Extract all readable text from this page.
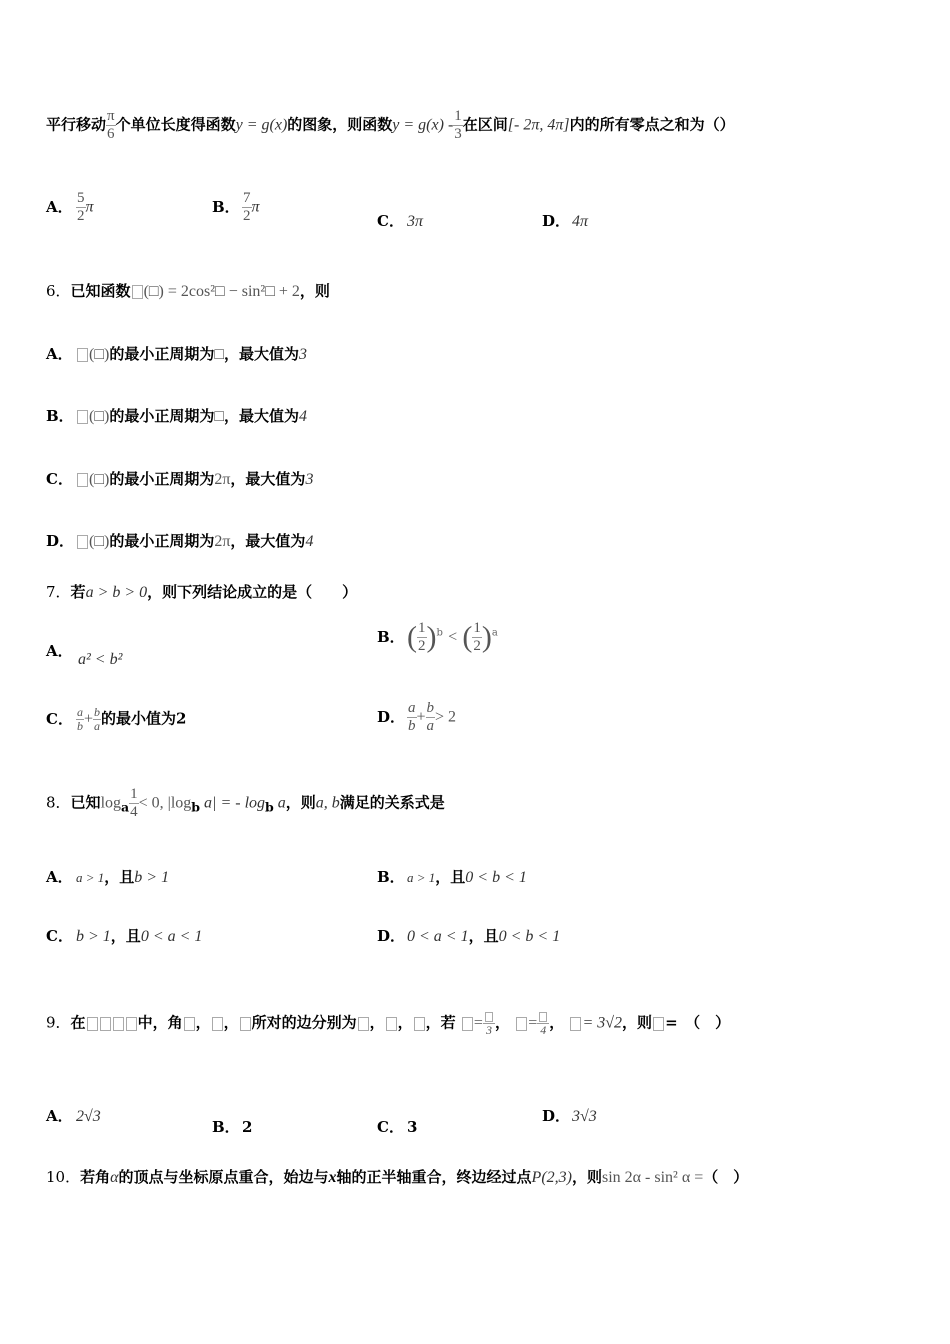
平行移动 $\frac{\pi}{6}$ 个单位长度得函数y = g(x)的图象，则函数$y = g(x) - \frac{1}{3}$ 在区间[- 2π, 4π]内的所有零点之和为（）
A． $\frac{5}{2}$ π	B． $\frac{7}{2}$ π
C． 3π	D． 4π
6．已知函数 (□) = 2cos²□ − sin²□ + 2，则
A． (□)的最小正周期为□，最大值为3
B． (□)的最小正周期为□，最大值为4
C． (□)的最小正周期为2π，最大值为3
D． (□)的最小正周期为2π，最大值为4
7．若a > b > 0，则下列结论成立的是（　　）
A． a² < b²
B．( $\frac{1}{2} )^b$ < ( $\frac{1}{2} )^a$
C． $\frac{a}{b} + \frac{b}{a}$ 的最小值为2	D． $\frac{a}{b} + \frac{b}{a} > 2$
8．已知$\log_a \frac{1}{4} < 0$, $|\log_b$ a| = - $\log_b a$，则a, b满足的关系式是
A． a > 1，且b > 1	B． a > 1，且0 < b < 1
C． b > 1，且0 < a < 1	D． 0 < a < 1，且0 < b < 1
9．在	中，角 ， ， 所对的边分别为 ， ， ，若 = 3 ， = 4 ， = 3√2，则 =　（　）
A． 2√3
B． 2	C． 3
D． 3√3
10．若角α的顶点与坐标原点重合，始边与x轴的正半轴重合，终边经过点P(2,3)，则sin 2α - sin² α =（　）
